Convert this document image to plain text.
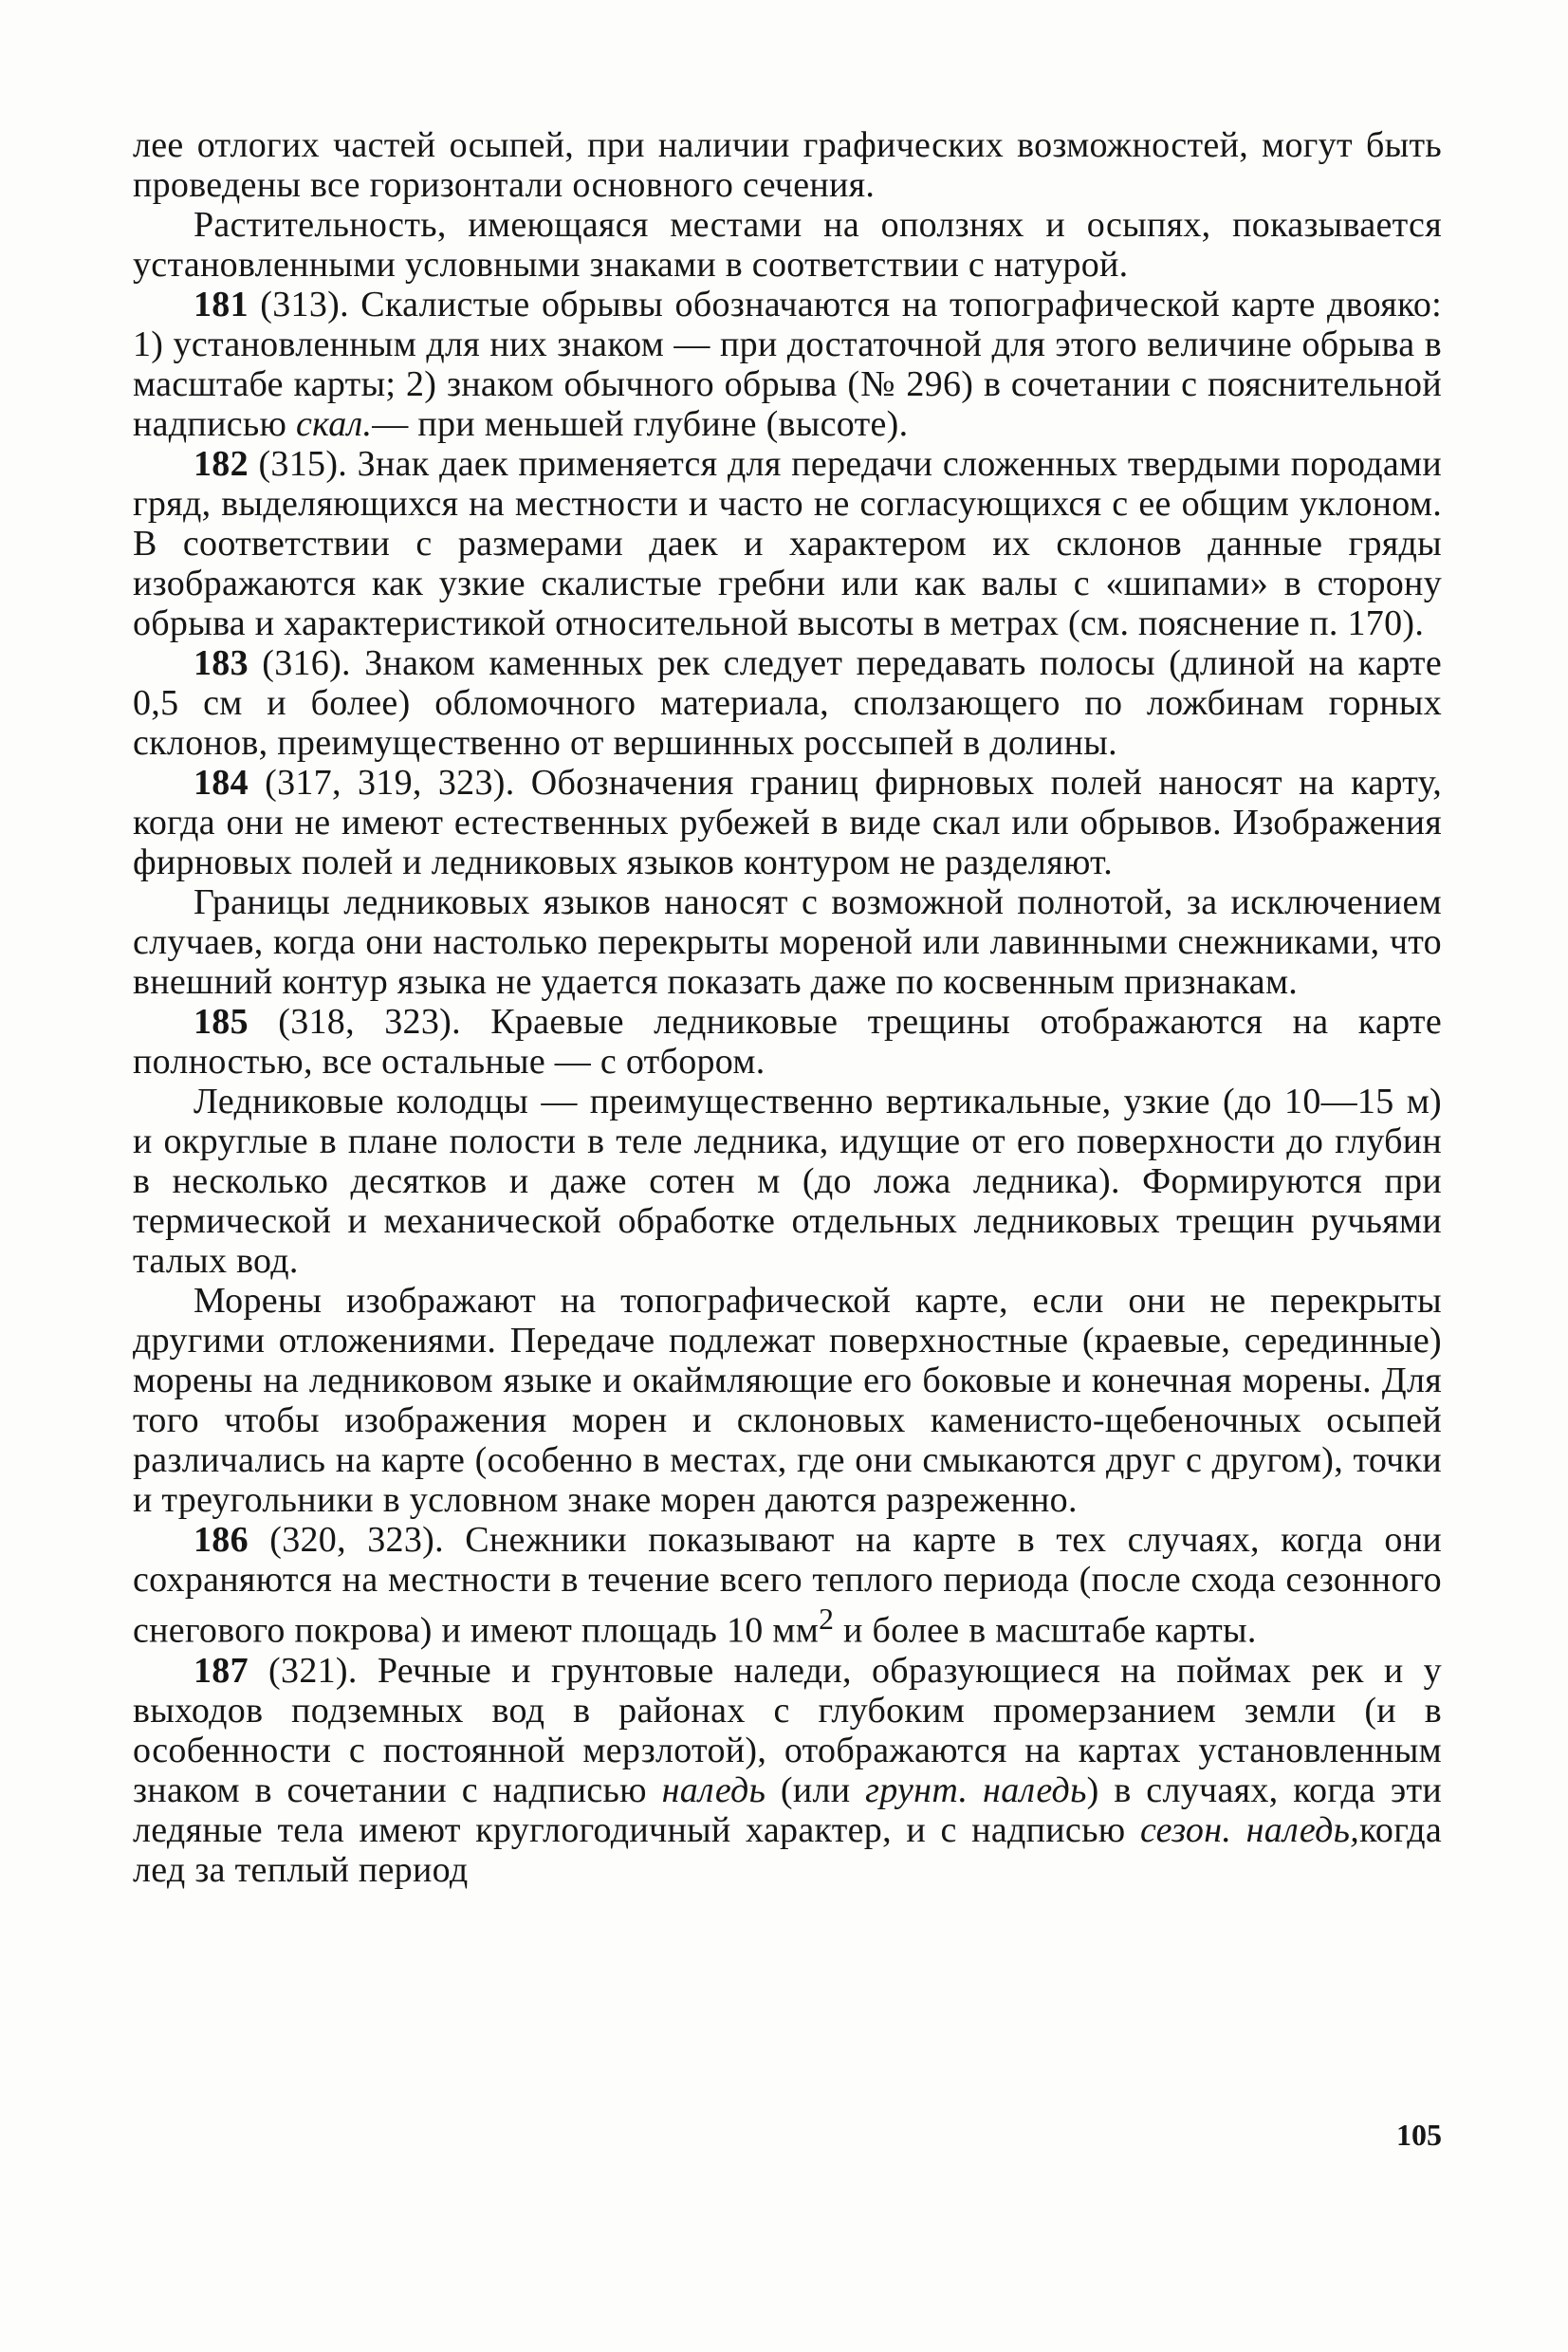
лее отлогих частей осыпей, при наличии графических возможностей, могут быть проведены все горизонтали основного сечения.

Растительность, имеющаяся местами на оползнях и осыпях, показывается установленными условными знаками в соответствии с натурой.

181 (313). Скалистые обрывы обозначаются на топографической карте двояко: 1) установленным для них знаком — при достаточной для этого величине обрыва в масштабе карты; 2) знаком обычного обрыва (№ 296) в сочетании с пояснительной надписью скал.— при меньшей глубине (высоте).

182 (315). Знак даек применяется для передачи сложенных твердыми породами гряд, выделяющихся на местности и часто не согласующихся с ее общим уклоном. В соответствии с размерами даек и характером их склонов данные гряды изображаются как узкие скалистые гребни или как валы с «шипами» в сторону обрыва и характеристикой относительной высоты в метрах (см. пояснение п. 170).

183 (316). Знаком каменных рек следует передавать полосы (длиной на карте 0,5 см и более) обломочного материала, сползающего по ложбинам горных склонов, преимущественно от вершинных россыпей в долины.

184 (317, 319, 323). Обозначения границ фирновых полей наносят на карту, когда они не имеют естественных рубежей в виде скал или обрывов. Изображения фирновых полей и ледниковых языков контуром не разделяют.

Границы ледниковых языков наносят с возможной полнотой, за исключением случаев, когда они настолько перекрыты мореной или лавинными снежниками, что внешний контур языка не удается показать даже по косвенным признакам.

185 (318, 323). Краевые ледниковые трещины отображаются на карте полностью, все остальные — с отбором.

Ледниковые колодцы — преимущественно вертикальные, узкие (до 10—15 м) и округлые в плане полости в теле ледника, идущие от его поверхности до глубин в несколько десятков и даже сотен м (до ложа ледника). Формируются при термической и механической обработке отдельных ледниковых трещин ручьями талых вод.

Морены изображают на топографической карте, если они не перекрыты другими отложениями. Передаче подлежат поверхностные (краевые, серединные) морены на ледниковом языке и окаймляющие его боковые и конечная морены. Для того чтобы изображения морен и склоновых каменисто-щебеночных осыпей различались на карте (особенно в местах, где они смыкаются друг с другом), точки и треугольники в условном знаке морен даются разреженно.

186 (320, 323). Снежники показывают на карте в тех случаях, когда они сохраняются на местности в течение всего теплого периода (после схода сезонного снегового покрова) и имеют площадь 10 $мм^2$ и более в масштабе карты.

187 (321). Речные и грунтовые наледи, образующиеся на поймах рек и у выходов подземных вод в районах с глубоким промерзанием земли (и в особенности с постоянной мерзлотой), отображаются на картах установленным знаком в сочетании с надписью наледь (или грунт. наледь) в случаях, когда эти ледяные тела имеют круглогодичный характер, и с надписью сезон. наледь,когда лед за теплый период

105
